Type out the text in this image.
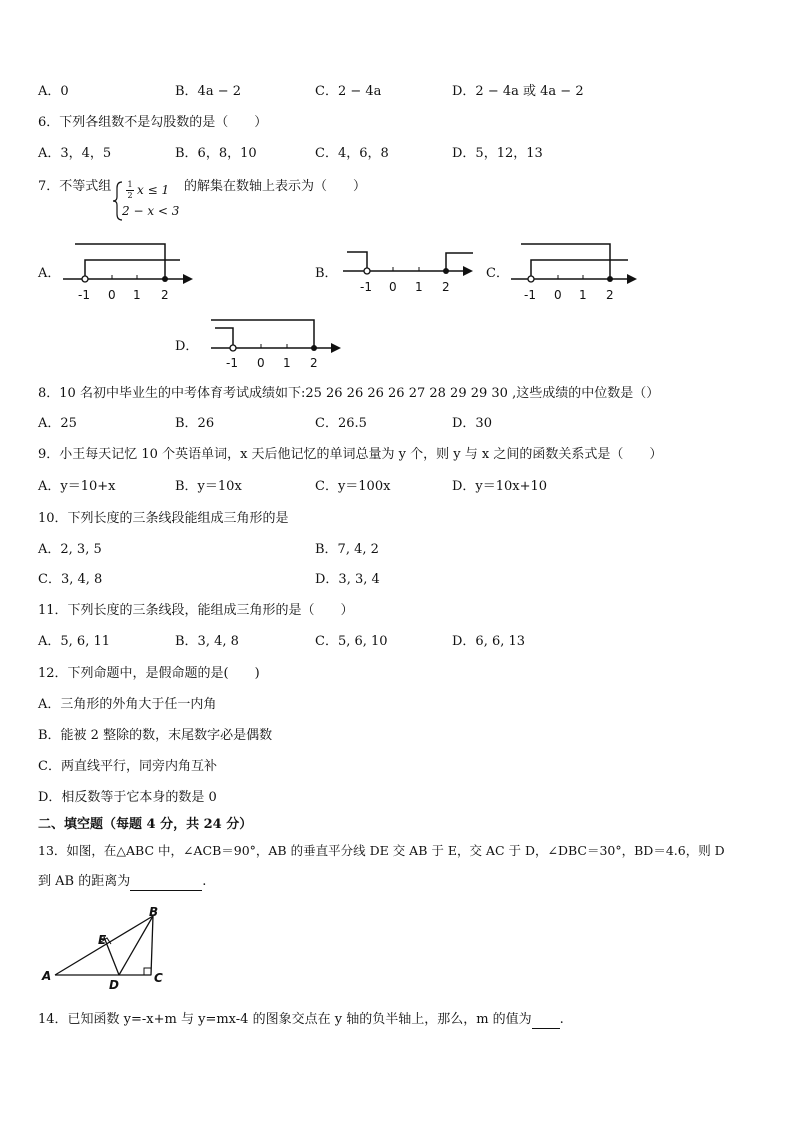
A．0	B．4a − 2	C．2 − 4a	D．2 − 4a 或 4a − 2
6．下列各组数不是勾股数的是（　　）
A．3，4，5	B．6，8，10	C．4，6，8	D．5，12，13
7．不等式组 1
2 x ≤ 1
2 − x < 3
的解集在数轴上表示为（　　）
A．
-1 0 1 2
B．
-1 0 1 2
C．
-1 0 1 2
D．
-1 0 1 2
8．10 名初中毕业生的中考体育考试成绩如下:25 26 26 26 26 27 28 29 29 30 ,这些成绩的中位数是（）
A．25	B．26	C．26.5	D．30
9．小王每天记忆 10 个英语单词，x 天后他记忆的单词总量为 y 个，则 y 与 x 之间的函数关系式是（　　）
A．y＝10+x	B．y＝10x	C．y＝100x	D．y＝10x+10
10．下列长度的三条线段能组成三角形的是
A．2, 3, 5	B．7, 4, 2
C．3, 4, 8	D．3, 3, 4
11．下列长度的三条线段，能组成三角形的是（　　）
A．5, 6, 11	B．3, 4, 8	C．5, 6, 10	D．6, 6, 13
12．下列命题中，是假命题的是(　　)
A．三角形的外角大于任一内角
B．能被 2 整除的数，末尾数字必是偶数
C．两直线平行，同旁内角互补
D．相反数等于它本身的数是 0
二、填空题（每题 4 分，共 24 分）
13．如图，在△ABC 中，∠ACB＝90°，AB 的垂直平分线 DE 交 AB 于 E，交 AC 于 D，∠DBC＝30°，BD＝4.6，则 D
到 AB 的距离为	.
A
B
C
D
E
14．已知函数 y=-x+m 与 y=mx-4 的图象交点在 y 轴的负半轴上，那么，m 的值为 .
